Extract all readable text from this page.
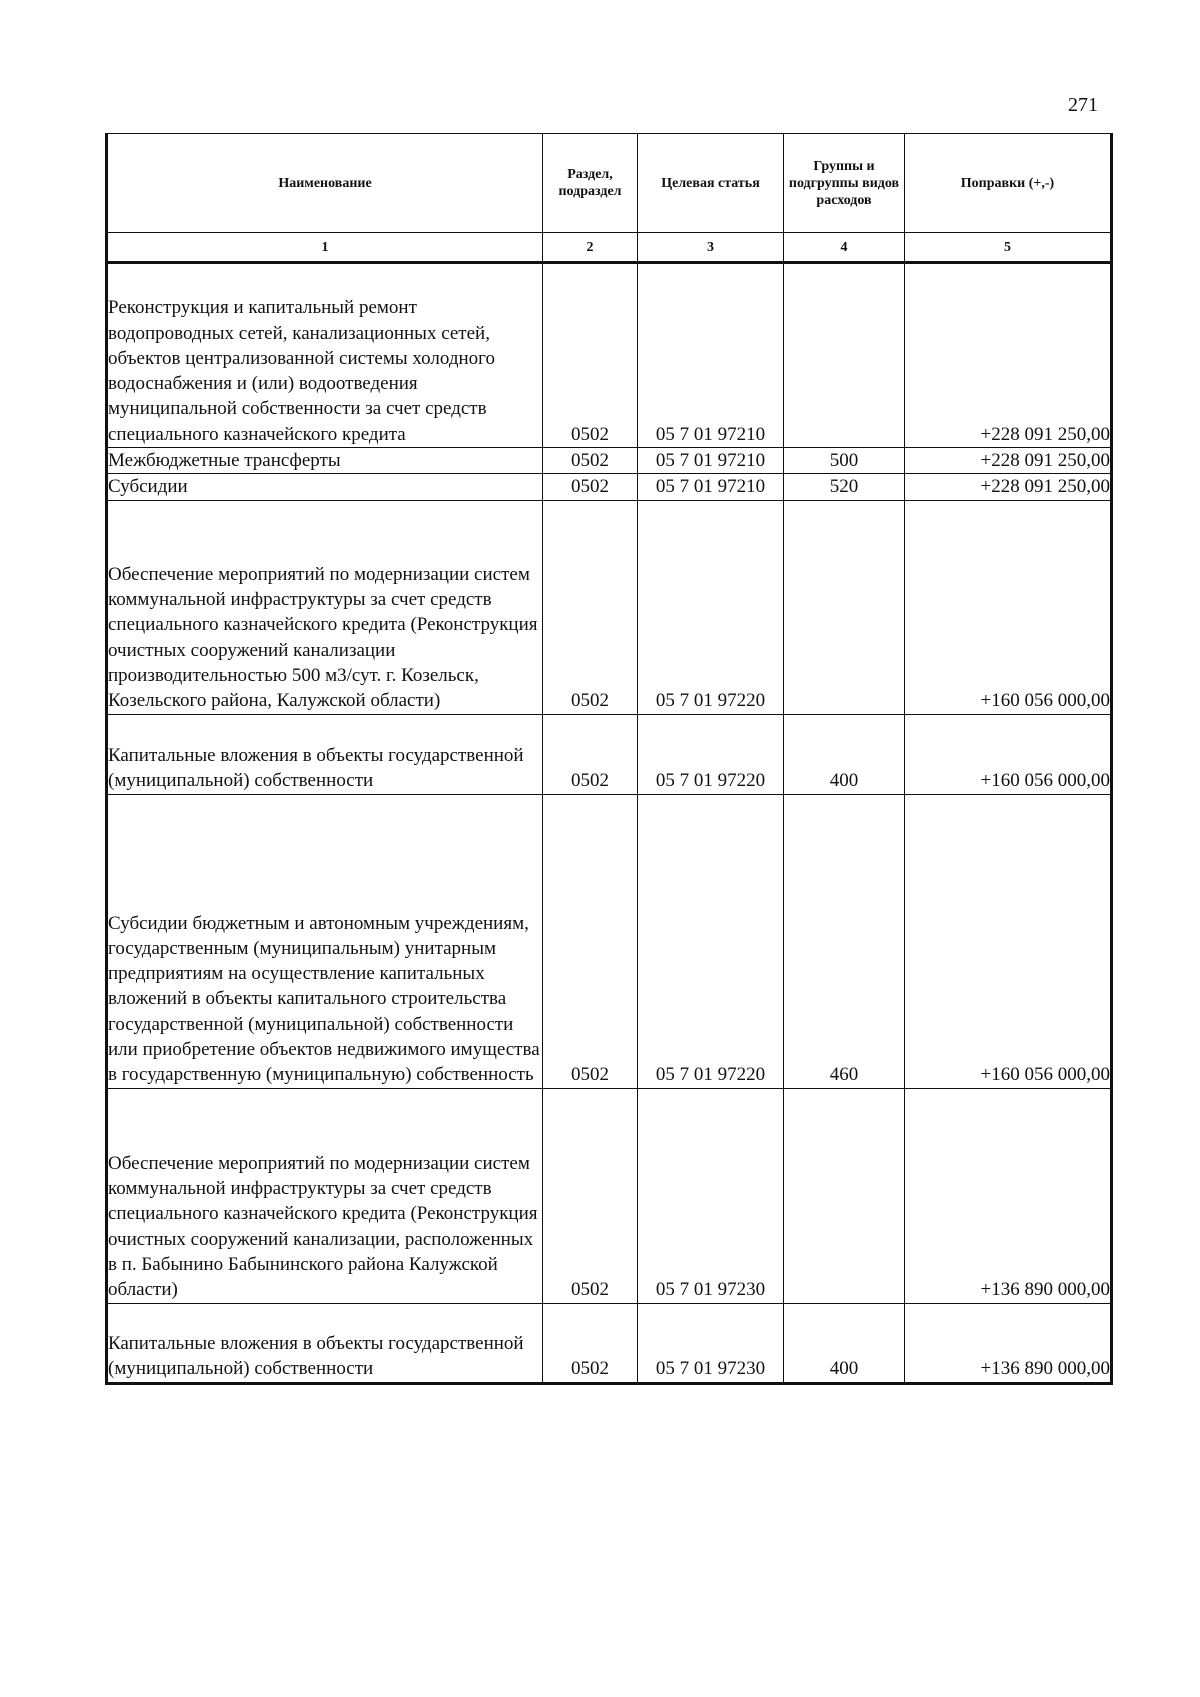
271
Наименование	Раздел, подраздел	Целевая статья	Группы и подгруппы видов расходов	Поправки (+,-)
1	2	3	4	5
Реконструкция и капитальный ремонт водопроводных сетей, канализационных сетей, объектов централизованной системы холодного водоснабжения и (или) водоотведения муниципальной собственности за счет средств специального казначейского кредита	0502	05 7 01 97210		+228 091 250,00
Межбюджетные трансферты	0502	05 7 01 97210	500	+228 091 250,00
Субсидии	0502	05 7 01 97210	520	+228 091 250,00
Обеспечение мероприятий по модернизации систем коммунальной инфраструктуры за счет средств специального казначейского кредита (Реконструкция очистных сооружений канализации производительностью 500 м3/сут. г. Козельск, Козельского района, Калужской области)	0502	05 7 01 97220		+160 056 000,00
Капитальные вложения в объекты государственной (муниципальной) собственности	0502	05 7 01 97220	400	+160 056 000,00
Субсидии бюджетным и автономным учреждениям, государственным (муниципальным) унитарным предприятиям на осуществление капитальных вложений в объекты капитального строительства государственной (муниципальной) собственности или приобретение объектов недвижимого имущества в государственную (муниципальную) собственность	0502	05 7 01 97220	460	+160 056 000,00
Обеспечение мероприятий по модернизации систем коммунальной инфраструктуры за счет средств специального казначейского кредита (Реконструкция очистных сооружений канализации, расположенных в п. Бабынино Бабынинского района Калужской области)	0502	05 7 01 97230		+136 890 000,00
Капитальные вложения в объекты государственной (муниципальной) собственности	0502	05 7 01 97230	400	+136 890 000,00
